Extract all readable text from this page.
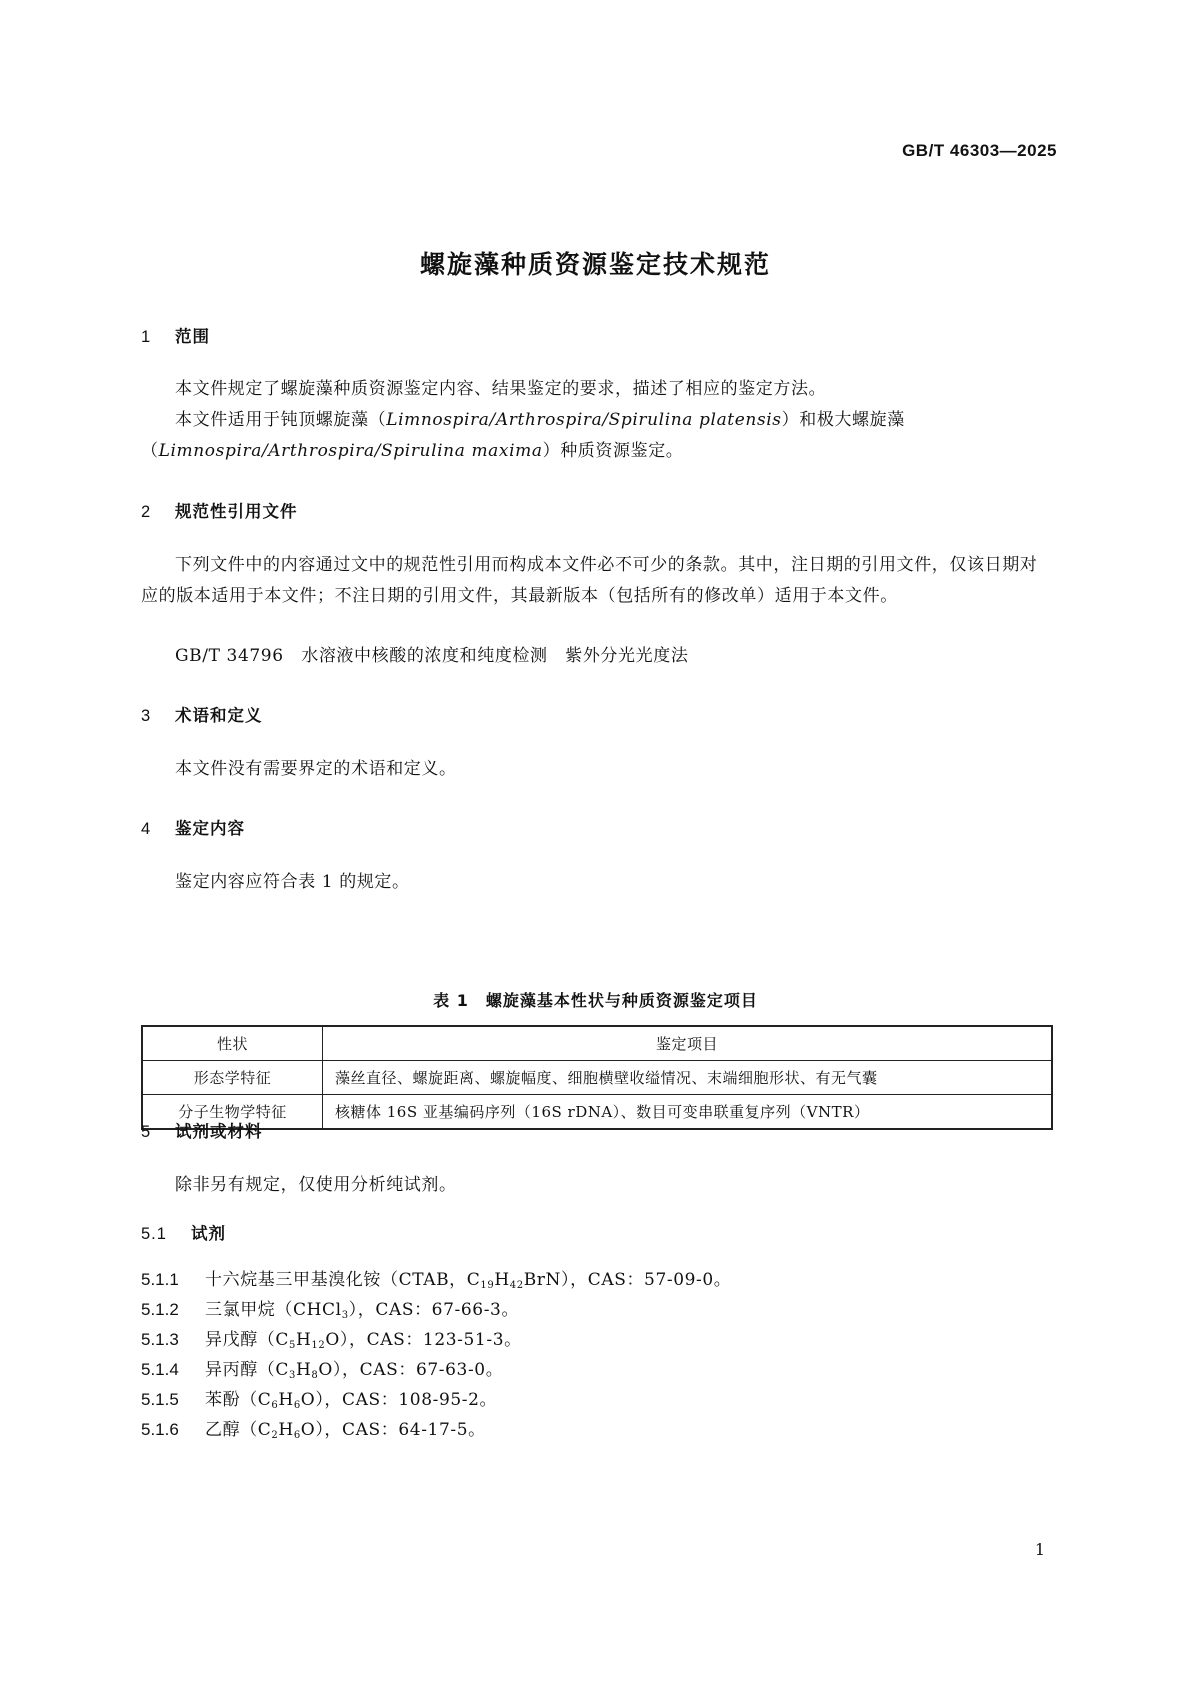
GB/T 46303—2025
螺旋藻种质资源鉴定技术规范
1 范围
本文件规定了螺旋藻种质资源鉴定内容、结果鉴定的要求，描述了相应的鉴定方法。
本文件适用于钝顶螺旋藻（Limnospira/Arthrospira/Spirulina platensis）和极大螺旋藻（Limnospira/Arthrospira/Spirulina maxima）种质资源鉴定。
2 规范性引用文件
下列文件中的内容通过文中的规范性引用而构成本文件必不可少的条款。其中，注日期的引用文件，仅该日期对应的版本适用于本文件；不注日期的引用文件，其最新版本（包括所有的修改单）适用于本文件。
GB/T 34796　水溶液中核酸的浓度和纯度检测　紫外分光光度法
3 术语和定义
本文件没有需要界定的术语和定义。
4 鉴定内容
鉴定内容应符合表 1 的规定。
表 1　螺旋藻基本性状与种质资源鉴定项目
性状	鉴定项目
形态学特征	藻丝直径、螺旋距离、螺旋幅度、细胞横壁收缢情况、末端细胞形状、有无气囊
分子生物学特征	核糖体 16S 亚基编码序列（16S rDNA）、数目可变串联重复序列（VNTR）
5 试剂或材料
除非另有规定，仅使用分析纯试剂。
5.1 试剂
5.1.1 十六烷基三甲基溴化铵（CTAB，$C_{19}H_{42}BrN$），CAS：57-09-0。
5.1.2 三氯甲烷（CHCl$_3$），CAS：67-66-3。
5.1.3 异戊醇$(C_5H_{12}O)$，CAS：123-51-3。
5.1.4 异丙醇$(C_3H_8O)$，CAS：67-63-0。
5.1.5 苯酚$(C_6H_6O)$，CAS：108-95-2。
5.1.6 乙醇$(C_2H_6O)$，CAS：64-17-5。
1
